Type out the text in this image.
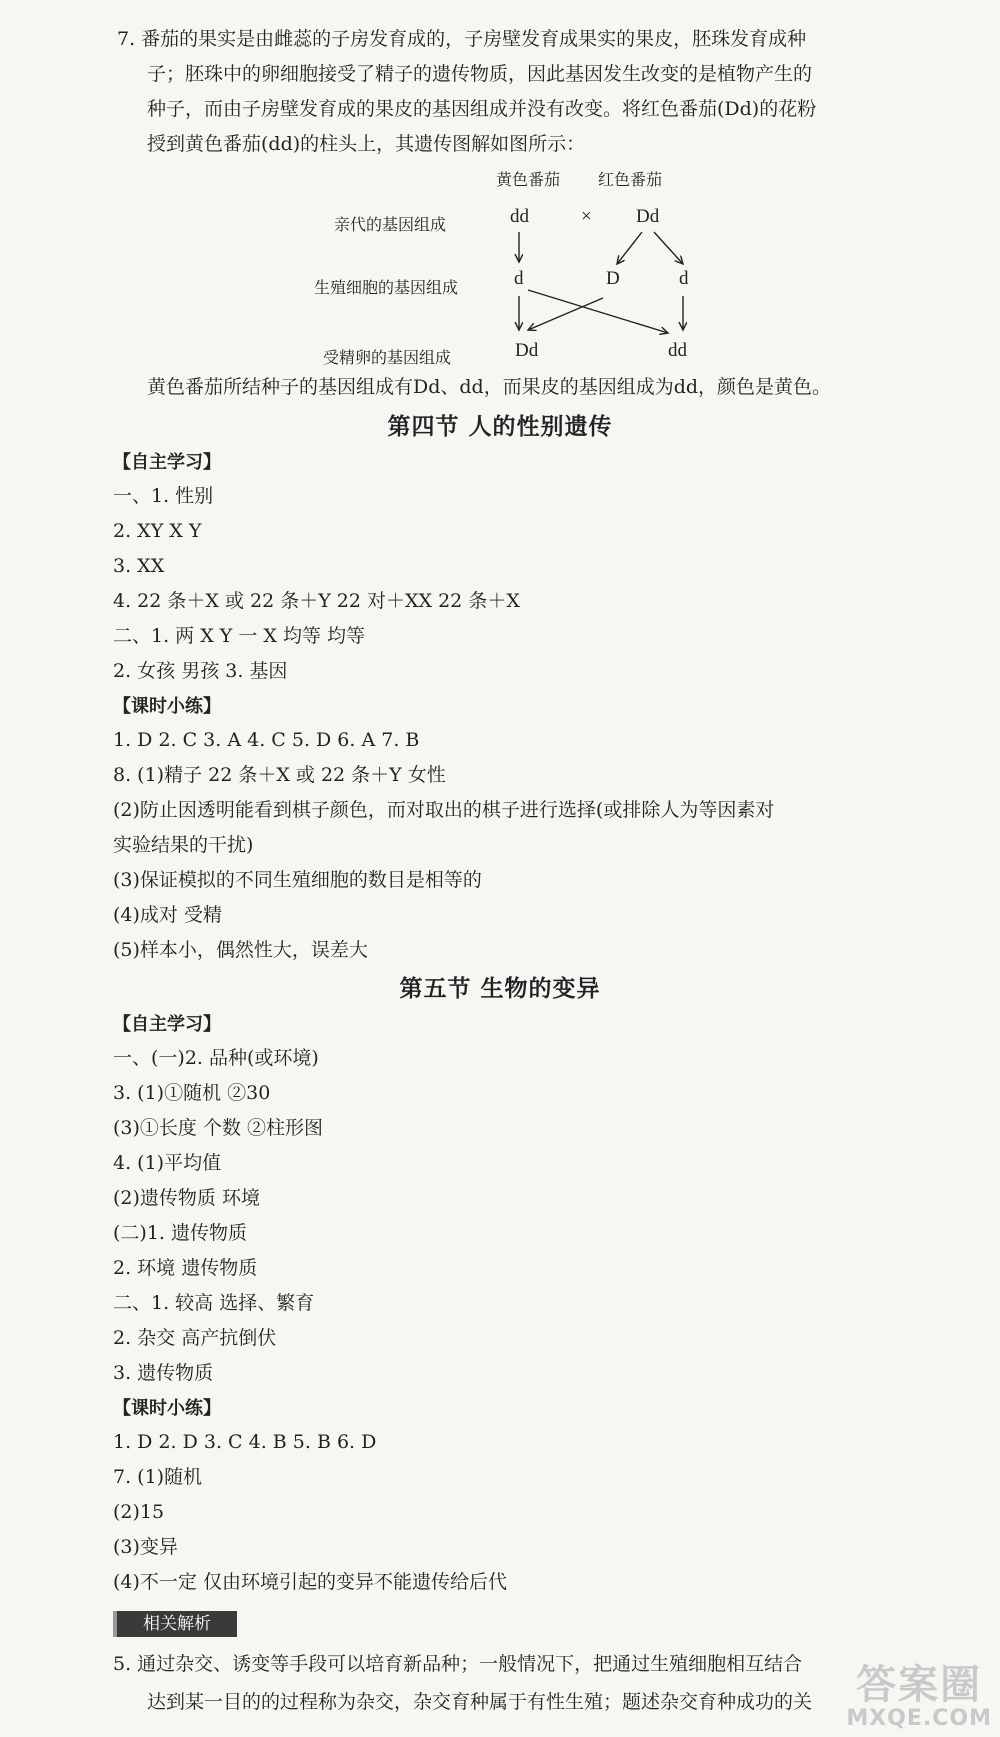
7. 番茄的果实是由雌蕊的子房发育成的，子房壁发育成果实的果皮，胚珠发育成种
子；胚珠中的卵细胞接受了精子的遗传物质，因此基因发生改变的是植物产生的
种子，而由子房壁发育成的果皮的基因组成并没有改变。将红色番茄(Dd)的花粉
授到黄色番茄(dd)的柱头上，其遗传图解如图所示：
黄色番茄 红色番茄
亲代的基因组成
生殖细胞的基因组成
受精卵的基因组成
dd	× Dd
d	D	d
Dd	dd
黄色番茄所结种子的基因组成有Dd、dd，而果皮的基因组成为dd，颜色是黄色。
第四节 人的性别遗传
【自主学习】
一、1. 性别
2. XY X Y
3. XX
4. 22 条＋X 或 22 条＋Y 22 对＋XX 22 条＋X
二、1. 两 X Y 一 X 均等 均等
2. 女孩 男孩 3. 基因
【课时小练】
1. D 2. C 3. A 4. C 5. D 6. A 7. B
8. (1)精子 22 条＋X 或 22 条＋Y 女性
(2)防止因透明能看到棋子颜色，而对取出的棋子进行选择(或排除人为等因素对
实验结果的干扰)
(3)保证模拟的不同生殖细胞的数目是相等的
(4)成对 受精
(5)样本小，偶然性大，误差大
第五节 生物的变异
【自主学习】
一、(一)2. 品种(或环境)
3. (1)①随机 ②30
(3)①长度 个数 ②柱形图
4. (1)平均值
(2)遗传物质 环境
(二)1. 遗传物质
2. 环境 遗传物质
二、1. 较高 选择、繁育
2. 杂交 高产抗倒伏
3. 遗传物质
【课时小练】
1. D 2. D 3. C 4. B 5. B 6. D
7. (1)随机
(2)15
(3)变异
(4)不一定 仅由环境引起的变异不能遗传给后代
相关解析
5. 通过杂交、诱变等手段可以培育新品种；一般情况下，把通过生殖细胞相互结合
达到某一目的的过程称为杂交，杂交育种属于有性生殖；题述杂交育种成功的关 答案圈
MXQE.COM
